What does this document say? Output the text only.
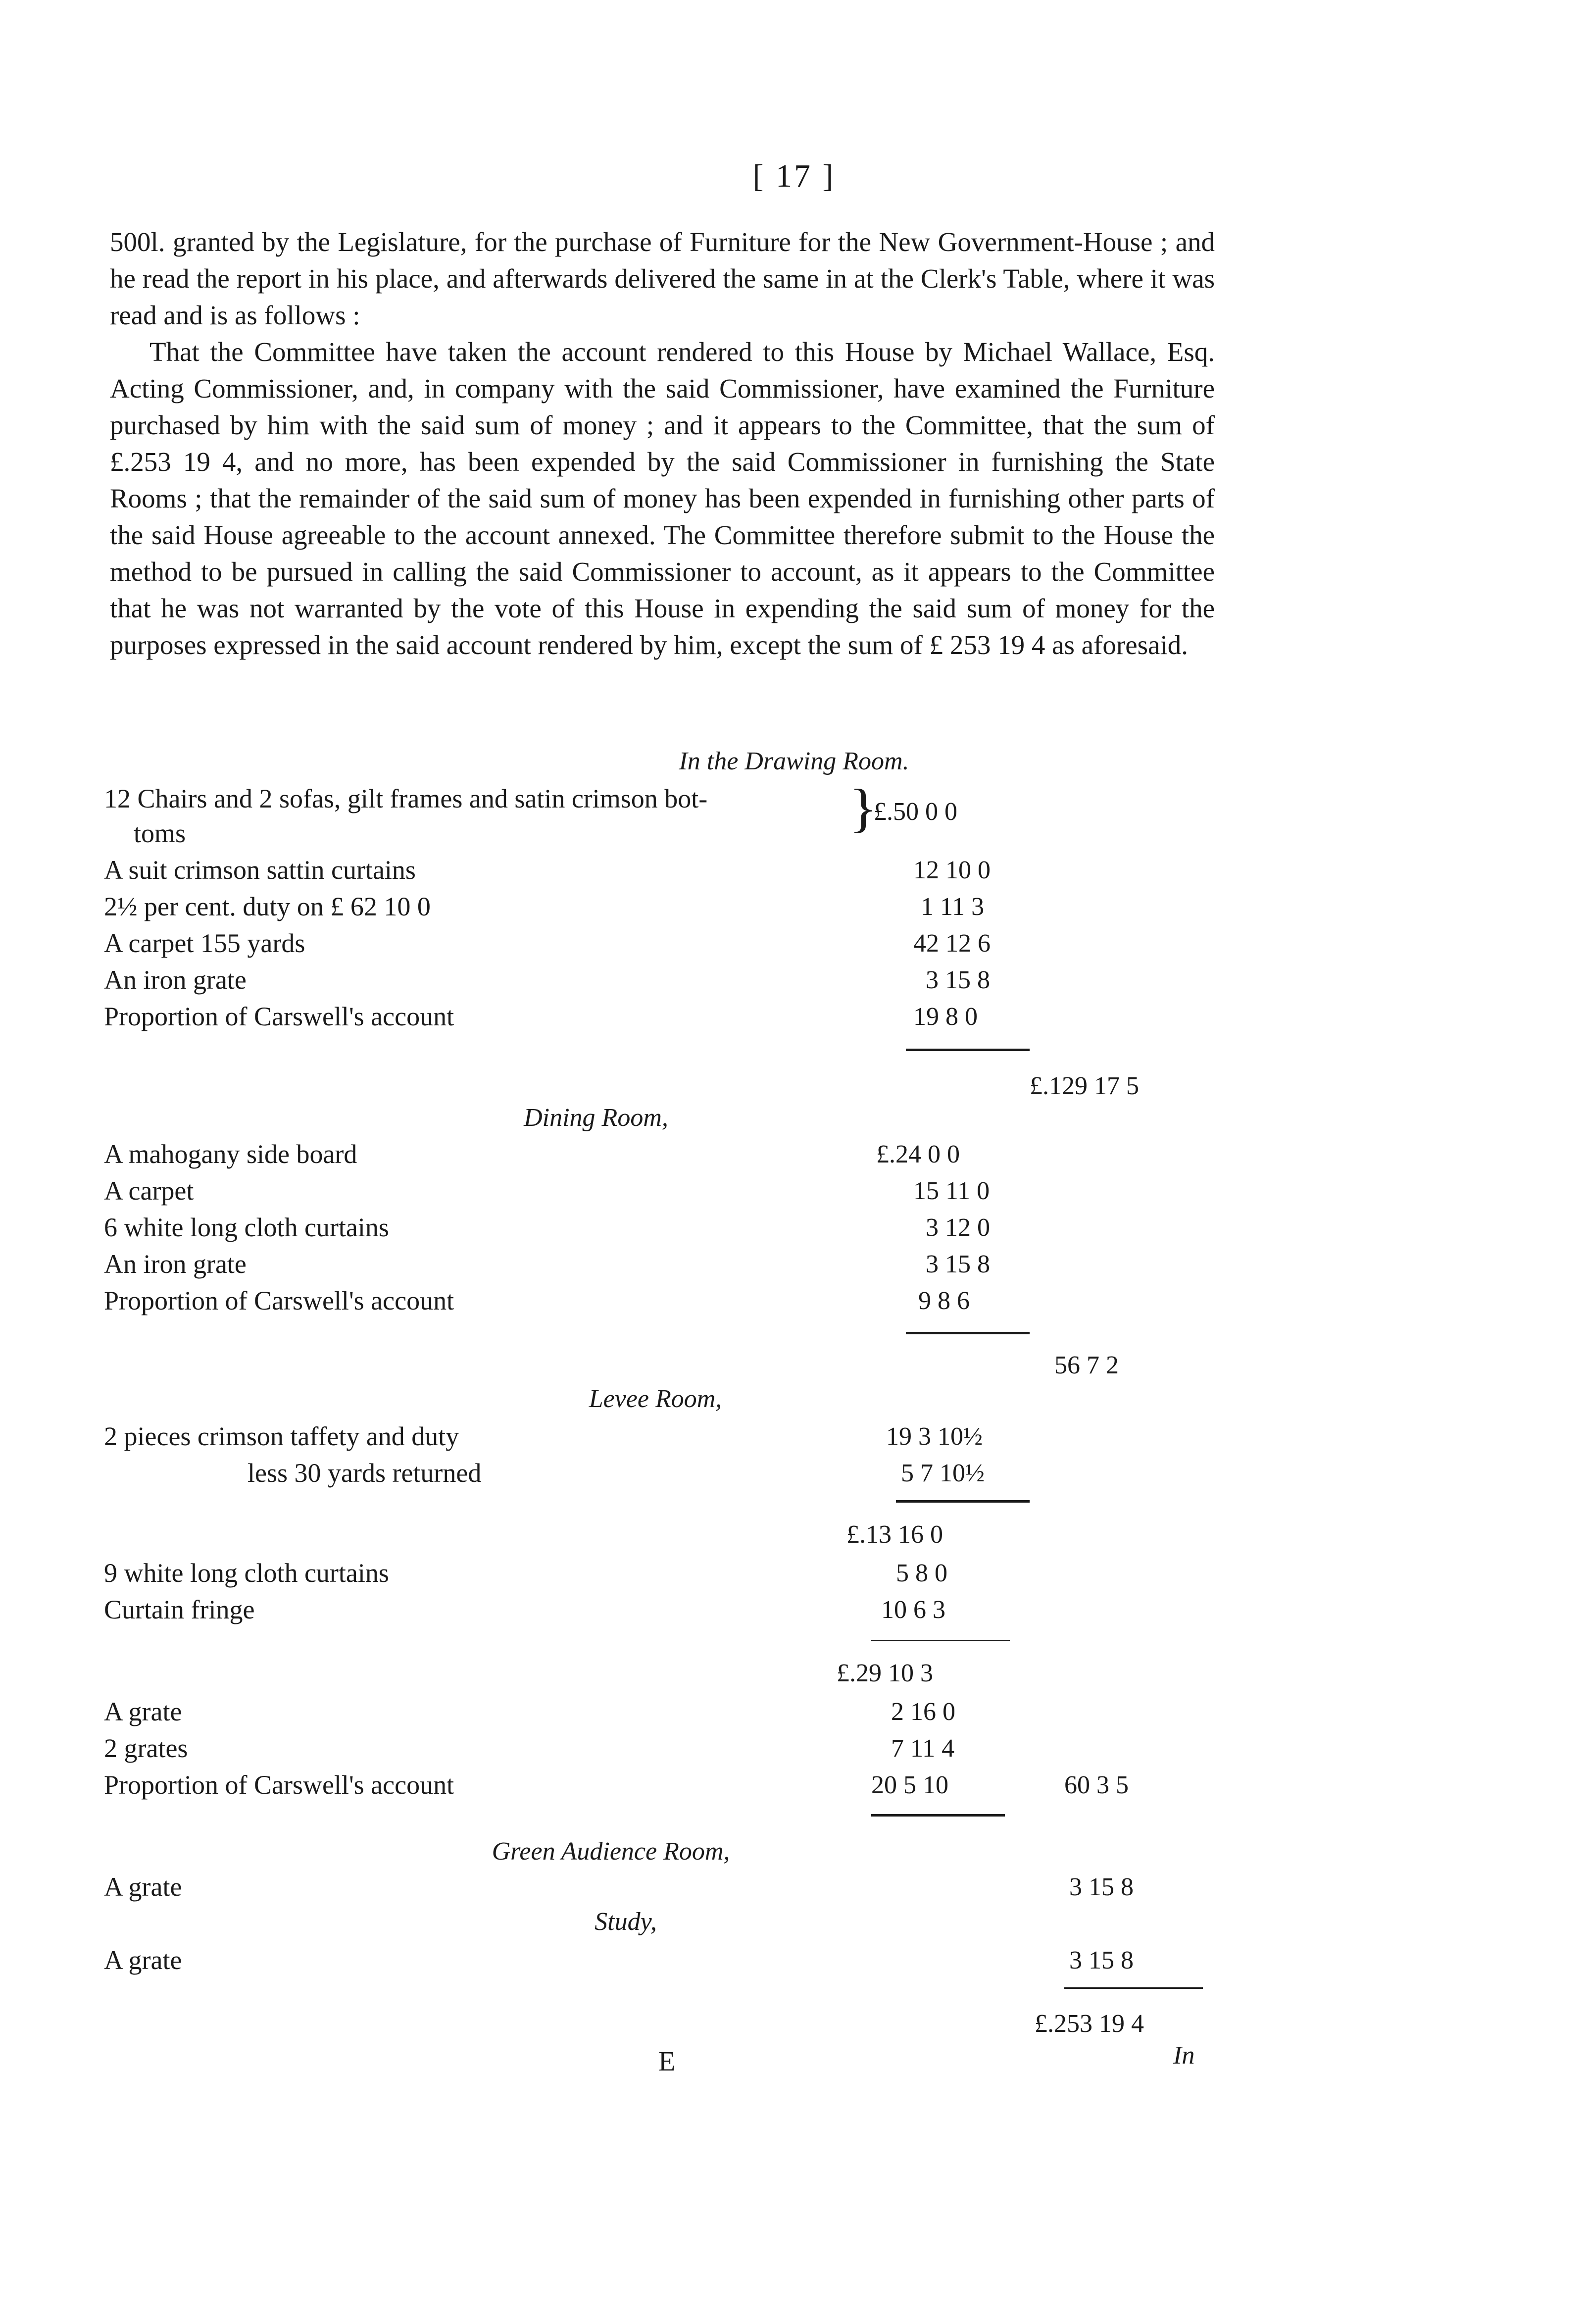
[ 17 ]

500l. granted by the Legislature, for the purchase of Furniture for the New Government-House ; and he read the report in his place, and afterwards delivered the same in at the Clerk's Table, where it was read and is as follows :

That the Committee have taken the account rendered to this House by Michael Wallace, Esq. Acting Commissioner, and, in company with the said Commissioner, have examined the Furniture purchased by him with the said sum of money ; and it appears to the Committee, that the sum of £.253 19 4, and no more, has been expended by the said Commissioner in furnishing the State Rooms ; that the remainder of the said sum of money has been expended in furnishing other parts of the said House agreeable to the account annexed. The Committee therefore submit to the House the method to be pursued in calling the said Commissioner to account, as it appears to the Committee that he was not warranted by the vote of this House in expending the said sum of money for the purposes expressed in the said account rendered by him, except the sum of £ 253 19 4 as aforesaid.

In the Drawing Room.
12 Chairs and 2 sofas, gilt frames and satin crimson bot-
toms	}
£.50 0 0
A suit crimson sattin curtains	12 10 0
2½ per cent. duty on £ 62 10 0	1 11 3
A carpet 155 yards	42 12 6
An iron grate	3 15 8
Proportion of Carswell's account	19 8 0
£.129 17 5
Dining Room,
A mahogany side board	£.24 0 0
A carpet	15 11 0
6 white long cloth curtains	3 12 0
An iron grate	3 15 8
Proportion of Carswell's account	9 8 6
56 7 2
Levee Room,
2 pieces crimson taffety and duty	19 3 10½
less 30 yards returned	5 7 10½
£.13 16 0
9 white long cloth curtains	5 8 0
Curtain fringe	10 6 3
£.29 10 3
A grate	2 16 0
2 grates	7 11 4
Proportion of Carswell's account	20 5 10	60 3 5
Green Audience Room,
A grate	3 15 8
Study,
A grate	3 15 8
£.253 19 4
E	In
